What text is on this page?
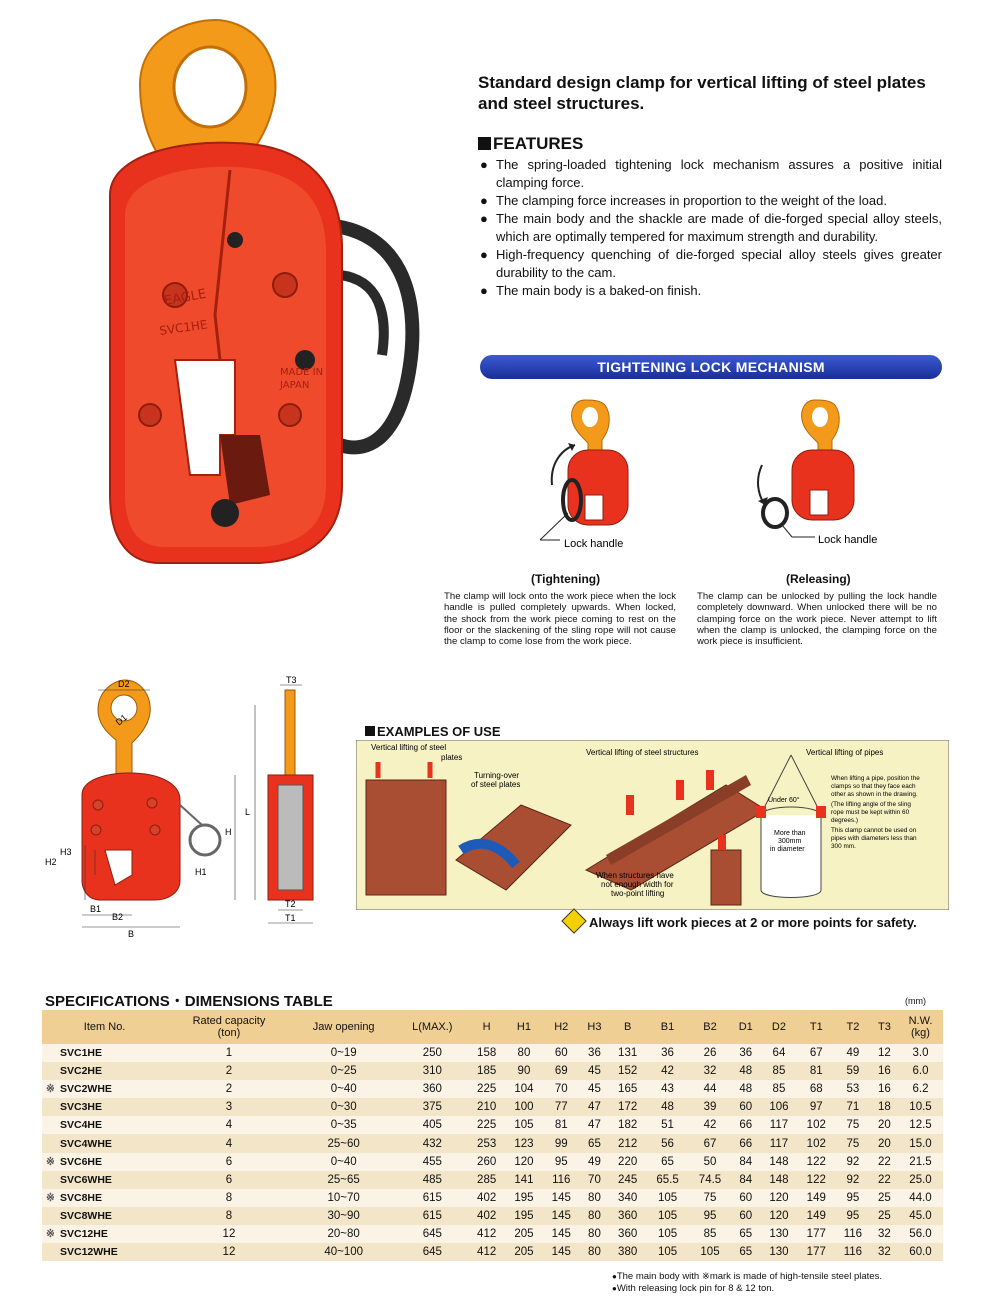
EAGLE
SVC1HE
MADE IN
JAPAN
Standard design clamp for vertical lifting of steel plates and steel structures.
FEATURES
● The spring-loaded tightening lock mechanism assures a positive initial clamping force.
● The clamping force increases in proportion to the weight of the load.
● The main body and the shackle are made of die-forged special alloy steels, which are optimally tempered for maximum strength and durability.
● High-frequency quenching of die-forged special alloy steels gives greater durability to the cam.
● The main body is a baked-on finish.
TIGHTENING LOCK MECHANISM
Lock handle	Lock handle
(Tightening)	(Releasing)
The clamp will lock onto the work piece when the lock handle is pulled completely upwards. When locked, the shock from the work piece coming to rest on the floor or the slackening of the sling rope will not cause the clamp to come lose from the work piece.
The clamp can be unlocked by pulling the lock handle completely downward. When unlocked there will be no clamping force on the work piece. Never attempt to lift when the clamp is unlocked, the clamping force on the work piece is insufficient.
D2
D1
H2
H3
B1
B2
B
T3
L
H
H1
T2
T1
EXAMPLES OF USE
Vertical lifting of steel
plates
Turning-over
of steel plates
Vertical lifting of steel structures
When structures have
not enough width for
two-point lifting
Vertical lifting of pipes
Under 60°
More than
300mm
in diameter
When lifting a pipe, position the
clamps so that they face each
other as shown in the drawing.
(The lifting angle of the sling
rope must be kept within 60
degrees.)
This clamp cannot be used on
pipes with diameters less than
300 mm.
Always lift work pieces at 2 or more points for safety.
SPECIFICATIONS・DIMENSIONS TABLE	(mm)
Item No.	Rated capacity
(ton)	Jaw opening	L(MAX.)	H	H1	H2	H3	B	B1	B2	D1	D2	T1	T2	T3	N.W.
(kg)
SVC1HE	1	0~19	250	158	80	60	36	131	36	26	36	64	67	49	12	3.0
SVC2HE	2	0~25	310	185	90	69	45	152	42	32	48	85	81	59	16	6.0
※ SVC2WHE	2	0~40	360	225	104	70	45	165	43	44	48	85	68	53	16	6.2
SVC3HE	3	0~30	375	210	100	77	47	172	48	39	60	106	97	71	18	10.5
SVC4HE	4	0~35	405	225	105	81	47	182	51	42	66	117	102	75	20	12.5
SVC4WHE	4	25~60	432	253	123	99	65	212	56	67	66	117	102	75	20	15.0
※ SVC6HE	6	0~40	455	260	120	95	49	220	65	50	84	148	122	92	22	21.5
SVC6WHE	6	25~65	485	285	141	116	70	245	65.5	74.5	84	148	122	92	22	25.0
※ SVC8HE	8	10~70	615	402	195	145	80	340	105	75	60	120	149	95	25	44.0
SVC8WHE	8	30~90	615	402	195	145	80	360	105	95	60	120	149	95	25	45.0
※ SVC12HE	12	20~80	645	412	205	145	80	360	105	85	65	130	177	116	32	56.0
SVC12WHE	12	40~100	645	412	205	145	80	380	105	105	65	130	177	116	32	60.0
● The main body with ※mark is made of high-tensile steel plates.
● With releasing lock pin for 8 & 12 ton.
